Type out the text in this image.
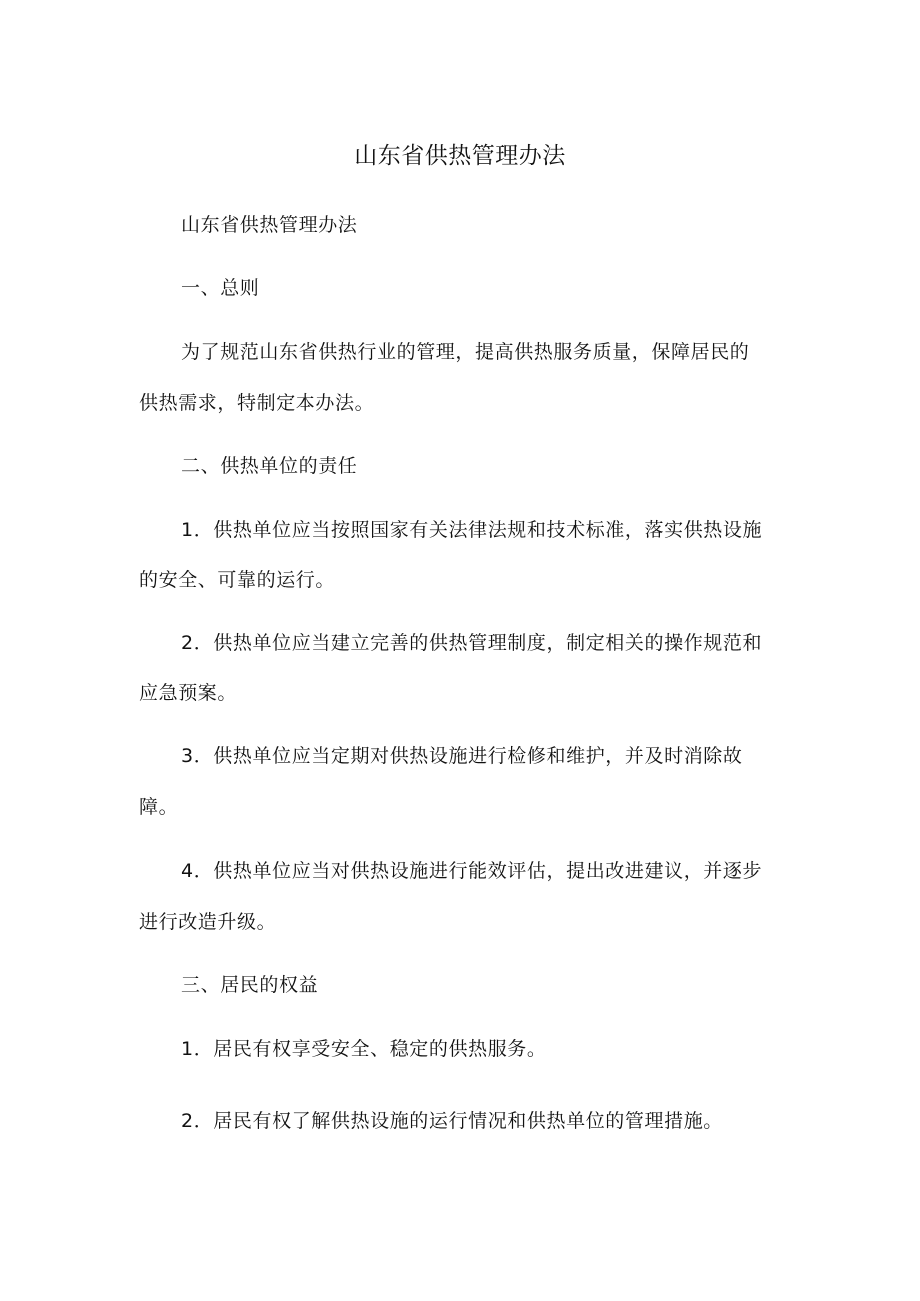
山东省供热管理办法
山东省供热管理办法
一、总则
为了规范山东省供热行业的管理，提高供热服务质量，保障居民的
供热需求，特制定本办法。
二、供热单位的责任
1．供热单位应当按照国家有关法律法规和技术标准，落实供热设施
的安全、可靠的运行。
2．供热单位应当建立完善的供热管理制度，制定相关的操作规范和
应急预案。
3．供热单位应当定期对供热设施进行检修和维护，并及时消除故
障。
4．供热单位应当对供热设施进行能效评估，提出改进建议，并逐步
进行改造升级。
三、居民的权益
1．居民有权享受安全、稳定的供热服务。
2．居民有权了解供热设施的运行情况和供热单位的管理措施。
